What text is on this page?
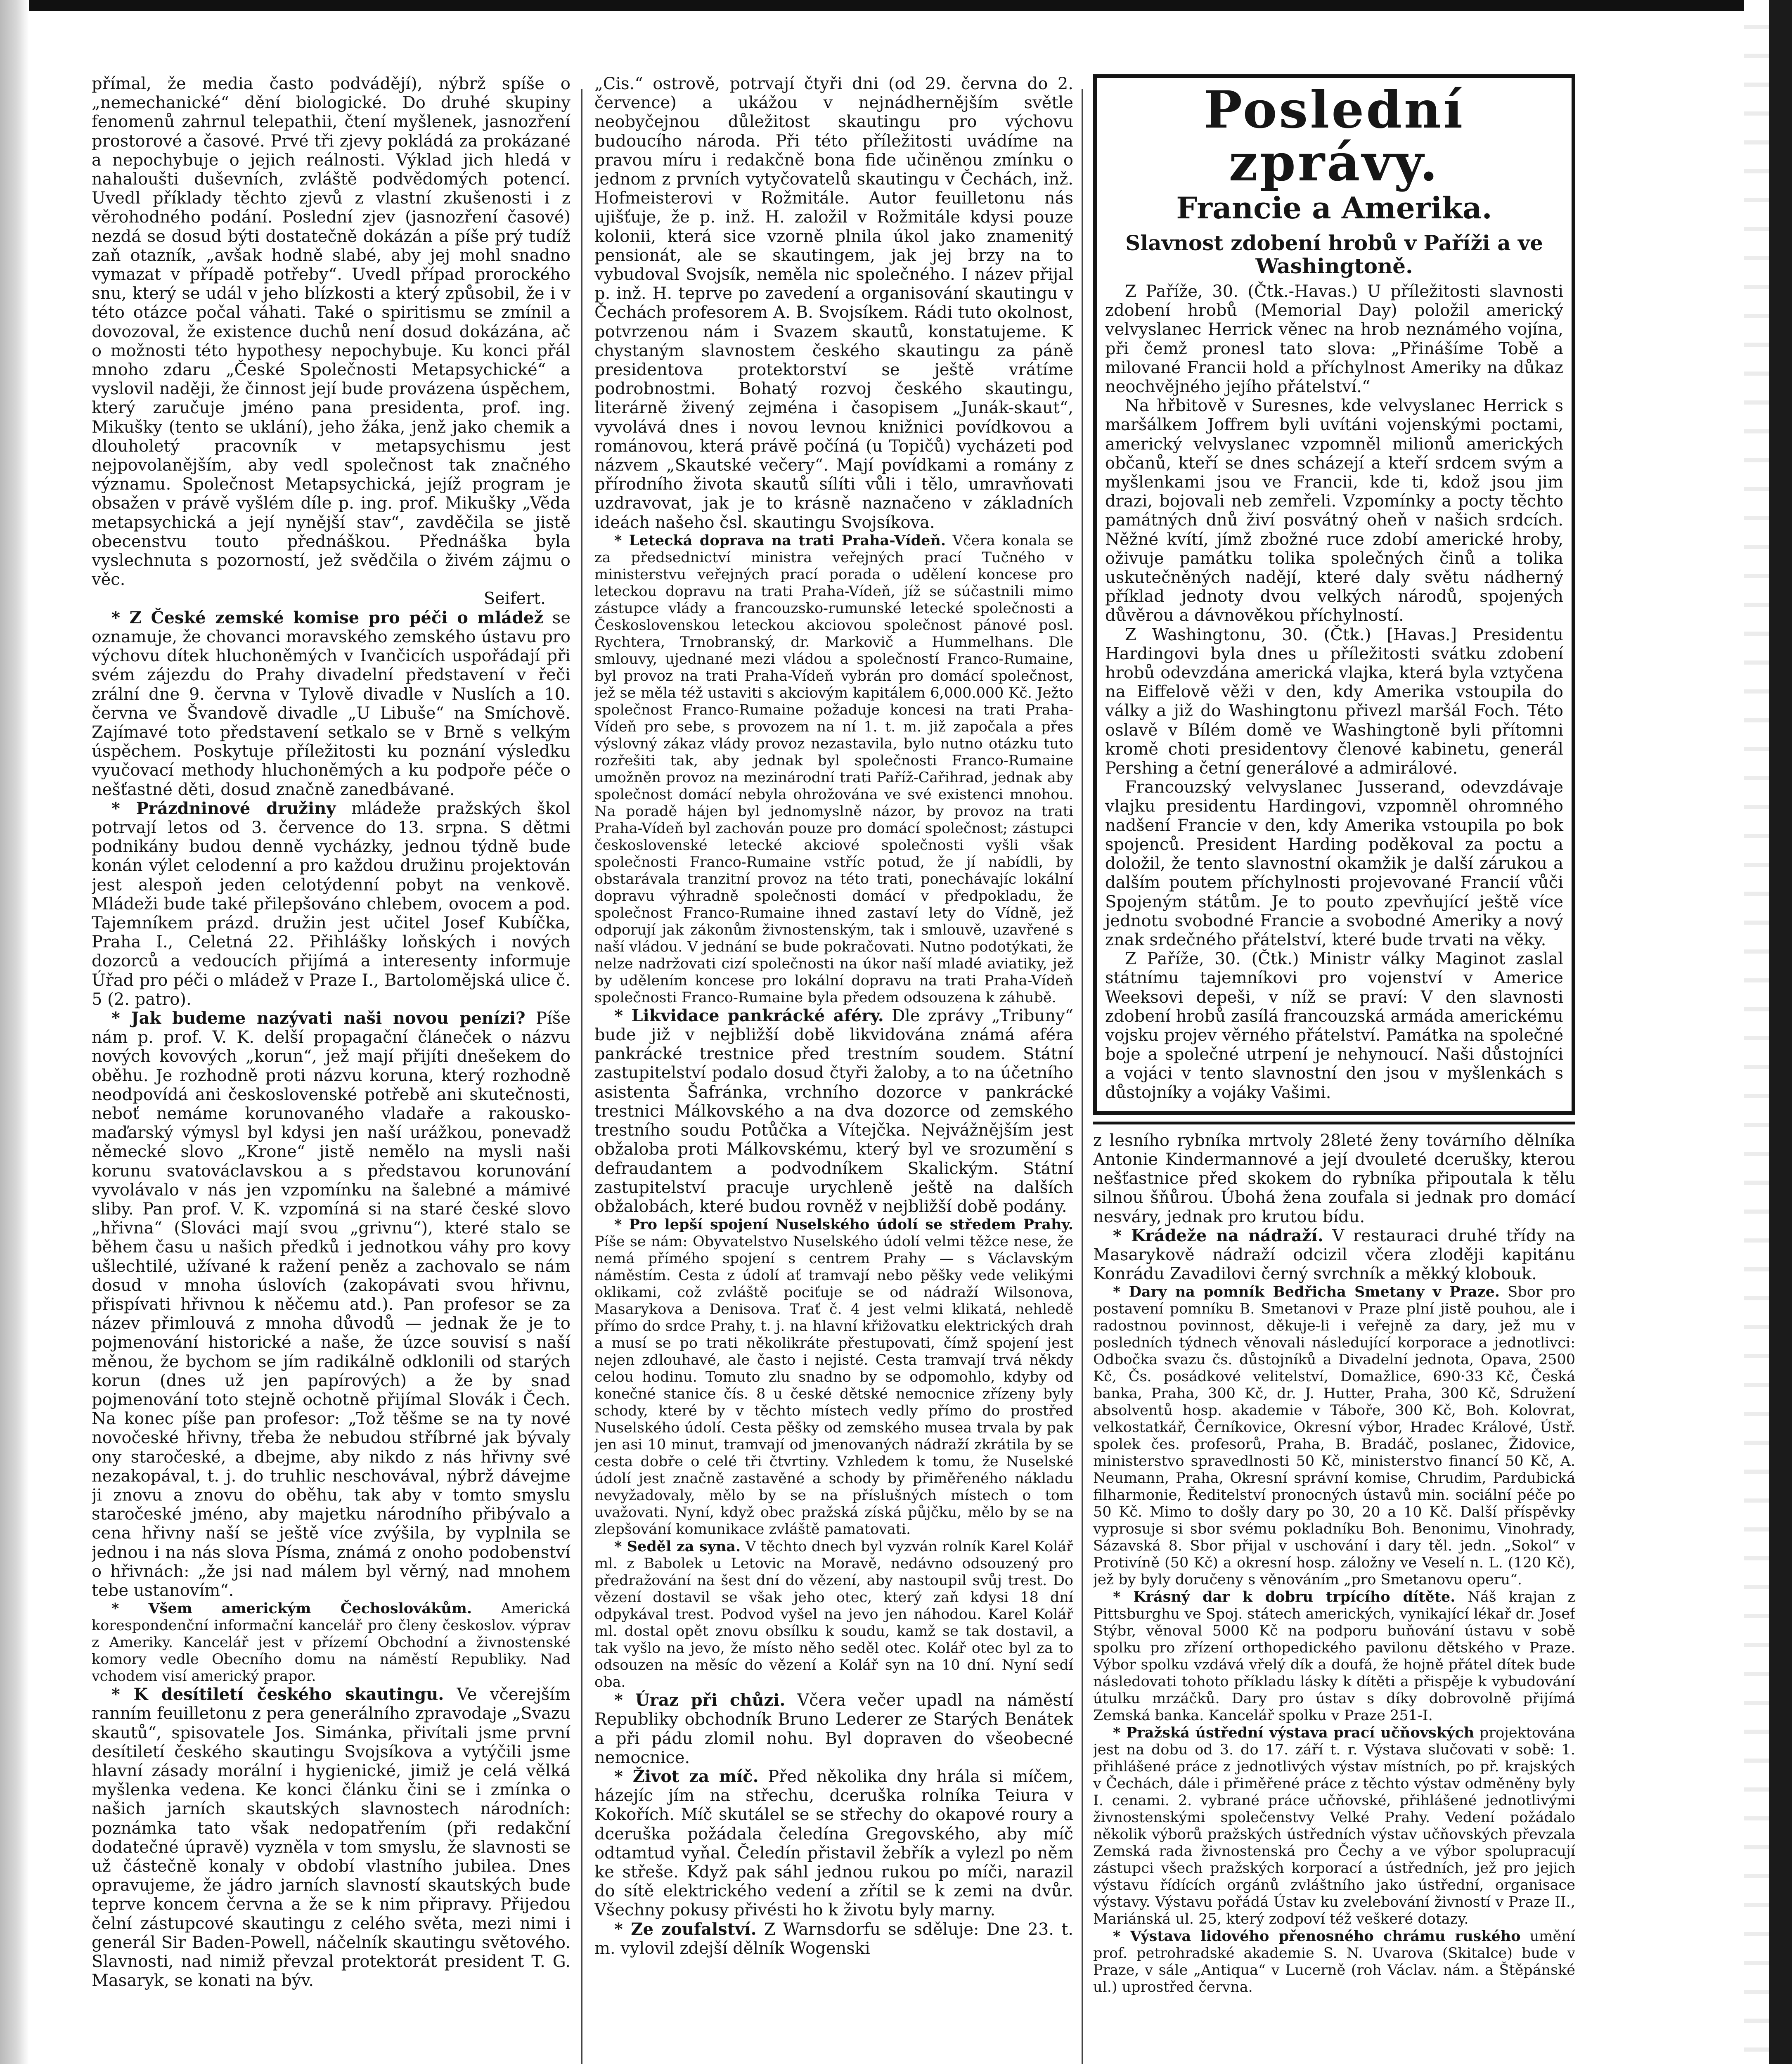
přímal, že media často podvádějí), nýbrž spíše o „nemechanické“ dění biologické. Do druhé skupiny fenomenů zahrnul telepathii, čtení myšlenek, jasnozření prostorové a časové. Prvé tři zjevy pokládá za prokázané a nepochybuje o jejich reálnosti. Výklad jich hledá v nahaloušti duševních, zvláště podvědomých potencí. Uvedl příklady těchto zjevů z vlastní zkušenosti i z věrohodného podání. Poslední zjev (jasnozření časové) nezdá se dosud býti dostatečně dokázán a píše prý tudíž zaň otazník, „avšak hodně slabé, aby jej mohl snadno vymazat v případě potřeby“. Uvedl případ prorockého snu, který se udál v jeho blízkosti a který způsobil, že i v této otázce počal váhati. Také o spiritismu se zmínil a dovozoval, že existence duchů není dosud dokázána, ač o možnosti této hypothesy nepochybuje. Ku konci přál mnoho zdaru „České Společnosti Metapsychické“ a vyslovil naději, že činnost její bude provázena úspěchem, který zaručuje jméno pana presidenta, prof. ing. Mikušky (tento se uklání), jeho žáka, jenž jako chemik a dlouholetý pracovník v metapsychismu jest nejpovolanějším, aby vedl společnost tak značného významu. Společnost Metapsychická, jejíž program je obsažen v právě vyšlém díle p. ing. prof. Mikušky „Věda metapsychická a její nynější stav“, zavděčila se jistě obecenstvu touto přednáškou. Přednáška byla vyslechnuta s pozorností, jež svědčila o živém zájmu o věc.

Seifert.

* Z České zemské komise pro péči o mládež se oznamuje, že chovanci moravského zemského ústavu pro výchovu dítek hluchoněmých v Ivančicích uspořádají při svém zájezdu do Prahy divadelní představení v řeči zrální dne 9. června v Tylově divadle v Nuslích a 10. června ve Švandově divadle „U Libuše“ na Smíchově. Zajímavé toto představení setkalo se v Brně s velkým úspěchem. Poskytuje příležitosti ku poznání výsledku vyučovací methody hluchoněmých a ku podpoře péče o nešťastné děti, dosud značně zanedbávané.

* Prázdninové družiny mládeže pražských škol potrvají letos od 3. července do 13. srpna. S dětmi podnikány budou denně vycházky, jednou týdně bude konán výlet celodenní a pro každou družinu projektován jest alespoň jeden celotýdenní pobyt na venkově. Mládeži bude také přilepšováno chlebem, ovocem a pod. Tajemníkem prázd. družin jest učitel Josef Kubíčka, Praha I., Celetná 22. Přihlášky loňských i nových dozorců a vedoucích přijímá a interesenty informuje Úřad pro péči o mládež v Praze I., Bartolomějská ulice č. 5 (2. patro).

* Jak budeme nazývati naši novou penízi? Píše nám p. prof. V. K. delší propagační článeček o názvu nových kovových „korun“, jež mají přijíti dnešekem do oběhu. Je rozhodně proti názvu koruna, který rozhodně neodpovídá ani československé potřebě ani skutečnosti, neboť nemáme korunovaného vladaře a rakousko-maďarský výmysl byl kdysi jen naší urážkou, ponevadž německé slovo „Krone“ jistě nemělo na mysli naši korunu svatováclavskou a s představou korunování vyvolávalo v nás jen vzpomínku na šalebné a mámivé sliby. Pan prof. V. K. vzpomíná si na staré české slovo „hřivna“ (Slováci mají svou „grivnu“), které stalo se během času u našich předků i jednotkou váhy pro kovy ušlechtilé, užívané k ražení peněz a zachovalo se nám dosud v mnoha úslovích (zakopávati svou hřivnu, přispívati hřivnou k něčemu atd.). Pan profesor se za název přimlouvá z mnoha důvodů — jednak že je to pojmenování historické a naše, že úzce souvisí s naší měnou, že bychom se jím radikálně odklonili od starých korun (dnes už jen papírových) a že by snad pojmenování toto stejně ochotně přijímal Slovák i Čech. Na konec píše pan profesor: „Tož těšme se na ty nové novočeské hřivny, třeba že nebudou stříbrné jak bývaly ony staročeské, a dbejme, aby nikdo z nás hřivny své nezakopával, t. j. do truhlic neschovával, nýbrž dávejme ji znovu a znovu do oběhu, tak aby v tomto smyslu staročeské jméno, aby majetku národního přibývalo a cena hřivny naší se ještě více zvýšila, by vyplnila se jednou i na nás slova Písma, známá z onoho podobenství o hřivnách: „že jsi nad málem byl věrný, nad mnohem tebe ustanovím“.

* Všem americkým Čechoslovákům. Americká korespondenční informační kancelář pro členy českoslov. výprav z Ameriky. Kancelář jest v přízemí Obchodní a živnostenské komory vedle Obecního domu na náměstí Republiky. Nad vchodem visí americký prapor.

* K desítiletí českého skautingu. Ve včerejším ranním feuilletonu z pera generálního zpravodaje „Svazu skautů“, spisovatele Jos. Simánka, přivítali jsme první desítiletí českého skautingu Svojsíkova a vytýčili jsme hlavní zásady morální i hygienické, jimiž je celá vělká myšlenka vedena. Ke konci článku čini se i zmínka o našich jarních skautských slavnostech národních: poznámka tato však nedopatřením (při redakční dodatečné úpravě) vyzněla v tom smyslu, že slavnosti se už částečně konaly v období vlastního jubilea. Dnes opravujeme, že jádro jarních slavností skautských bude teprve koncem června a že se k nim připravy. Přijedou čelní zástupcové skautingu z celého světa, mezi nimi i generál Sir Baden-Powell, náčelník skautingu světového. Slavnosti, nad nimiž převzal protektorát president T. G. Masaryk, se konati na býv.

„Cis.“ ostrově, potrvají čtyři dni (od 29. června do 2. července) a ukážou v nejnádhernějším světle neobyčejnou důležitost skautingu pro výchovu budoucího národa. Při této příležitosti uvádíme na pravou míru i redakčně bona fide učiněnou zmínku o jednom z prvních vytyčovatelů skautingu v Čechách, inž. Hofmeisterovi v Rožmitále. Autor feuilletonu nás ujišťuje, že p. inž. H. založil v Rožmitále kdysi pouze kolonii, která sice vzorně plnila úkol jako znamenitý pensionát, ale se skautingem, jak jej brzy na to vybudoval Svojsík, neměla nic společného. I název přijal p. inž. H. teprve po zavedení a organisování skautingu v Čechách profesorem A. B. Svojsíkem. Rádi tuto okolnost, potvrzenou nám i Svazem skautů, konstatujeme. K chystaným slavnostem českého skautingu za páně presidentova protektorství se ještě vrátíme podrobnostmi. Bohatý rozvoj českého skautingu, literárně živený zejména i časopisem „Junák-skaut“, vyvolává dnes i novou levnou knižnici povídkovou a románovou, která právě počíná (u Topičů) vycházeti pod názvem „Skautské večery“. Mají povídkami a romány z přírodního života skautů sílíti vůli i tělo, umravňovati uzdravovat, jak je to krásně naznačeno v základních ideách našeho čsl. skautingu Svojsíkova.

* Letecká doprava na trati Praha-Vídeň. Včera konala se za předsednictví ministra veřejných prací Tučného v ministerstvu veřejných prací porada o udělení koncese pro leteckou dopravu na trati Praha-Vídeň, jíž se súčastnili mimo zástupce vlády a francouzsko-rumunské letecké společnosti a Československou leteckou akciovou společnost pánové posl. Rychtera, Trnobranský, dr. Markovič a Hummelhans. Dle smlouvy, ujednané mezi vládou a společností Franco-Rumaine, byl provoz na trati Praha-Vídeň vybrán pro domácí společnost, jež se měla též ustaviti s akciovým kapitálem 6,000.000 Kč. Ježto společnost Franco-Rumaine požaduje koncesi na trati Praha-Vídeň pro sebe, s provozem na ní 1. t. m. již započala a přes výslovný zákaz vlády provoz nezastavila, bylo nutno otázku tuto rozřešiti tak, aby jednak byl společnosti Franco-Rumaine umožněn provoz na mezinárodní trati Paříž-Cařihrad, jednak aby společnost domácí nebyla ohrožována ve své existenci mnohou. Na poradě hájen byl jednomyslně názor, by provoz na trati Praha-Vídeň byl zachován pouze pro domácí společnost; zástupci československé letecké akciové společnosti vyšli však společnosti Franco-Rumaine vstříc potud, že jí nabídli, by obstarávala tranzitní provoz na této trati, ponechávajíc lokální dopravu výhradně společnosti domácí v předpokladu, že společnost Franco-Rumaine ihned zastaví lety do Vídně, jež odporují jak zákonům živnostenským, tak i smlouvě, uzavřené s naší vládou. V jednání se bude pokračovati. Nutno podotýkati, že nelze nadržovati cizí společnosti na úkor naší mladé aviatiky, jež by udělením koncese pro lokální dopravu na trati Praha-Vídeň společnosti Franco-Rumaine byla předem odsouzena k záhubě.

* Likvidace pankrácké aféry. Dle zprávy „Tribuny“ bude již v nejbližší době likvidována známá aféra pankrácké trestnice před trestním soudem. Státní zastupitelství podalo dosud čtyři žaloby, a to na účetního asistenta Šafránka, vrchního dozorce v pankrácké trestnici Málkovského a na dva dozorce od zemského trestního soudu Potůčka a Vítejčka. Nejvážnějším jest obžaloba proti Málkovskému, který byl ve srozumění s defraudantem a podvodníkem Skalickým. Státní zastupitelství pracuje urychleně ještě na dalších obžalobách, které budou rovněž v nejbližší době podány.

* Pro lepší spojení Nuselského údolí se středem Prahy. Píše se nám: Obyvatelstvo Nuselského údolí velmi těžce nese, že nemá přímého spojení s centrem Prahy — s Václavským náměstím. Cesta z údolí ať tramvají nebo pěšky vede velikými oklikami, což zvláště pociťuje se od nádraží Wilsonova, Masarykova a Denisova. Trať č. 4 jest velmi klikatá, nehledě přímo do srdce Prahy, t. j. na hlavní křižovatku elektrických drah a musí se po trati několikráte přestupovati, čímž spojení jest nejen zdlouhavé, ale často i nejisté. Cesta tramvají trvá někdy celou hodinu. Tomuto zlu snadno by se odpomohlo, kdyby od konečné stanice čís. 8 u české dětské nemocnice zřízeny byly schody, které by v těchto místech vedly přímo do prostřed Nuselského údolí. Cesta pěšky od zemského musea trvala by pak jen asi 10 minut, tramvají od jmenovaných nádraží zkrátila by se cesta dobře o celé tři čtvrtiny. Vzhledem k tomu, že Nuselské údolí jest značně zastavěné a schody by přiměřeného nákladu nevyžadovaly, mělo by se na příslušných místech o tom uvažovati. Nyní, když obec pražská získá půjčku, mělo by se na zlepšování komunikace zvláště pamatovati.

* Seděl za syna. V těchto dnech byl vyzván rolník Karel Kolář ml. z Babolek u Letovic na Moravě, nedávno odsouzený pro předražování na šest dní do vězení, aby nastoupil svůj trest. Do vězení dostavil se však jeho otec, který zaň kdysi 18 dní odpykával trest. Podvod vyšel na jevo jen náhodou. Karel Kolář ml. dostal opět znovu obsílku k soudu, kamž se tak dostavil, a tak vyšlo na jevo, že místo něho seděl otec. Kolář otec byl za to odsouzen na měsíc do vězení a Kolář syn na 10 dní. Nyní sedí oba.

* Úraz při chůzi. Včera večer upadl na náměstí Republiky obchodník Bruno Lederer ze Starých Benátek a při pádu zlomil nohu. Byl dopraven do všeobecné nemocnice.

* Život za míč. Před několika dny hrála si míčem, házejíc jím na střechu, dceruška rolníka Teiura v Kokořích. Míč skutálel se se střechy do okapové roury a dceruška požádala čeledína Gregovského, aby míč odtamtud vyňal. Čeledín přistavil žebřík a vylezl po něm ke střeše. Když pak sáhl jednou rukou po míči, narazil do sítě elektrického vedení a zřítil se k zemi na dvůr. Všechny pokusy přivésti ho k životu byly marny.

* Ze zoufalství. Z Warnsdorfu se sděluje: Dne 23. t. m. vylovil zdejší dělník Wogenski

Poslední zprávy.
Francie a Amerika.
Slavnost zdobení hrobů v Paříži a ve Washingtoně.

Z Paříže, 30. (Čtk.-Havas.) U příležitosti slavnosti zdobení hrobů (Memorial Day) položil americký velvyslanec Herrick věnec na hrob neznámého vojína, při čemž pronesl tato slova: „Přinášíme Tobě a milované Francii hold a příchylnost Ameriky na důkaz neochvějného jejího přátelství.“

Na hřbitově v Suresnes, kde velvyslanec Herrick s maršálkem Joffrem byli uvítáni vojenskými poctami, americký velvyslanec vzpomněl milionů amerických občanů, kteří se dnes scházejí a kteří srdcem svým a myšlenkami jsou ve Francii, kde ti, kdož jsou jim drazi, bojovali neb zemřeli. Vzpomínky a pocty těchto památných dnů živí posvátný oheň v našich srdcích. Něžné kvítí, jímž zbožné ruce zdobí americké hroby, oživuje památku tolika společných činů a tolika uskutečněných nadějí, které daly světu nádherný příklad jednoty dvou velkých národů, spojených důvěrou a dávnověkou příchylností.

Z Washingtonu, 30. (Čtk.) [Havas.] Presidentu Hardingovi byla dnes u příležitosti svátku zdobení hrobů odevzdána americká vlajka, která byla vztyčena na Eiffelově věži v den, kdy Amerika vstoupila do války a již do Washingtonu přivezl maršál Foch. Této oslavě v Bílém domě ve Washingtoně byli přítomni kromě choti presidentovy členové kabinetu, generál Pershing a četní generálové a admirálové.

Francouzský velvyslanec Jusserand, odevzdávaje vlajku presidentu Hardingovi, vzpomněl ohromného nadšení Francie v den, kdy Amerika vstoupila po bok spojenců. President Harding poděkoval za poctu a doložil, že tento slavnostní okamžik je další zárukou a dalším poutem příchylnosti projevované Francií vůči Spojeným státům. Je to pouto zpevňující ještě více jednotu svobodné Francie a svobodné Ameriky a nový znak srdečného přátelství, které bude trvati na věky.

Z Paříže, 30. (Čtk.) Ministr války Maginot zaslal státnímu tajemníkovi pro vojenství v Americe Weeksovi depeši, v níž se praví: V den slavnosti zdobení hrobů zasílá francouzská armáda americkému vojsku projev věrného přátelství. Památka na společné boje a společné utrpení je nehynoucí. Naši důstojníci a vojáci v tento slavnostní den jsou v myšlenkách s důstojníky a vojáky Vašimi.

z lesního rybníka mrtvoly 28leté ženy továrního dělníka Antonie Kindermannové a její dvouleté dcerušky, kterou nešťastnice před skokem do rybníka připoutala k tělu silnou šňůrou. Úbohá žena zoufala si jednak pro domácí nesváry, jednak pro krutou bídu.

* Krádeže na nádraží. V restauraci druhé třídy na Masarykově nádraží odcizil včera zloději kapitánu Konrádu Zavadilovi černý svrchník a měkký klobouk.

* Dary na pomník Bedřicha Smetany v Praze. Sbor pro postavení pomníku B. Smetanovi v Praze plní jistě pouhou, ale i radostnou povinnost, děkuje-li i veřejně za dary, jež mu v posledních týdnech věnovali následující korporace a jednotlivci: Odbočka svazu čs. důstojníků a Divadelní jednota, Opava, 2500 Kč, Čs. posádkové velitelství, Domažlice, 690·33 Kč, Česká banka, Praha, 300 Kč, dr. J. Hutter, Praha, 300 Kč, Sdružení absolventů hosp. akademie v Táboře, 300 Kč, Boh. Kolovrat, velkostatkář, Černíkovice, Okresní výbor, Hradec Králové, Ústř. spolek čes. profesorů, Praha, B. Bradáč, poslanec, Židovice, ministerstvo spravedlnosti 50 Kč, ministerstvo financí 50 Kč, A. Neumann, Praha, Okresní správní komise, Chrudim, Pardubická filharmonie, Ředitelství pronocných ústavů min. sociální péče po 50 Kč. Mimo to došly dary po 30, 20 a 10 Kč. Další příspěvky vyprosuje si sbor svému pokladníku Boh. Benonimu, Vinohrady, Sázavská 8. Sbor přijal v uschování i dary těl. jedn. „Sokol“ v Protivíně (50 Kč) a okresní hosp. záložny ve Veselí n. L. (120 Kč), jež by byly doručeny s věnováním „pro Smetanovu operu“.

* Krásný dar k dobru trpícího dítěte. Náš krajan z Pittsburghu ve Spoj. státech amerických, vynikající lékař dr. Josef Stýbr, věnoval 5000 Kč na podporu buňování ústavu v sobě spolku pro zřízení orthopedického pavilonu dětského v Praze. Výbor spolku vzdává vřelý dík a doufá, že hojně přátel dítek bude následovati tohoto příkladu lásky k dítěti a přispěje k vybudování útulku mrzáčků. Dary pro ústav s díky dobrovolně přijímá Zemská banka. Kancelář spolku v Praze 251-I.

* Pražská ústřední výstava prací učňovských projektována jest na dobu od 3. do 17. září t. r. Výstava slučovati v sobě: 1. přihlášené práce z jednotlivých výstav místních, po př. krajských v Čechách, dále i přiměřené práce z těchto výstav odměněny byly I. cenami. 2. vybrané práce učňovské, přihlášené jednotlivými živnostenskými společenstvy Velké Prahy. Vedení požádalo několik výborů pražských ústředních výstav učňovských převzala Zemská rada živnostenská pro Čechy a ve výbor spolupracují zástupci všech pražských korporací a ústředních, jež pro jejich výstavu řídících orgánů zvláštního jako ústřední, organisace výstavy. Výstavu pořádá Ústav ku zvelebování živností v Praze II., Mariánská ul. 25, který zodpoví též veškeré dotazy.

* Výstava lidového přenosného chrámu ruského umění prof. petrohradské akademie S. N. Uvarova (Skitalce) bude v Praze, v sále „Antiqua“ v Lucerně (roh Václav. nám. a Štěpánské ul.) uprostřed června.
